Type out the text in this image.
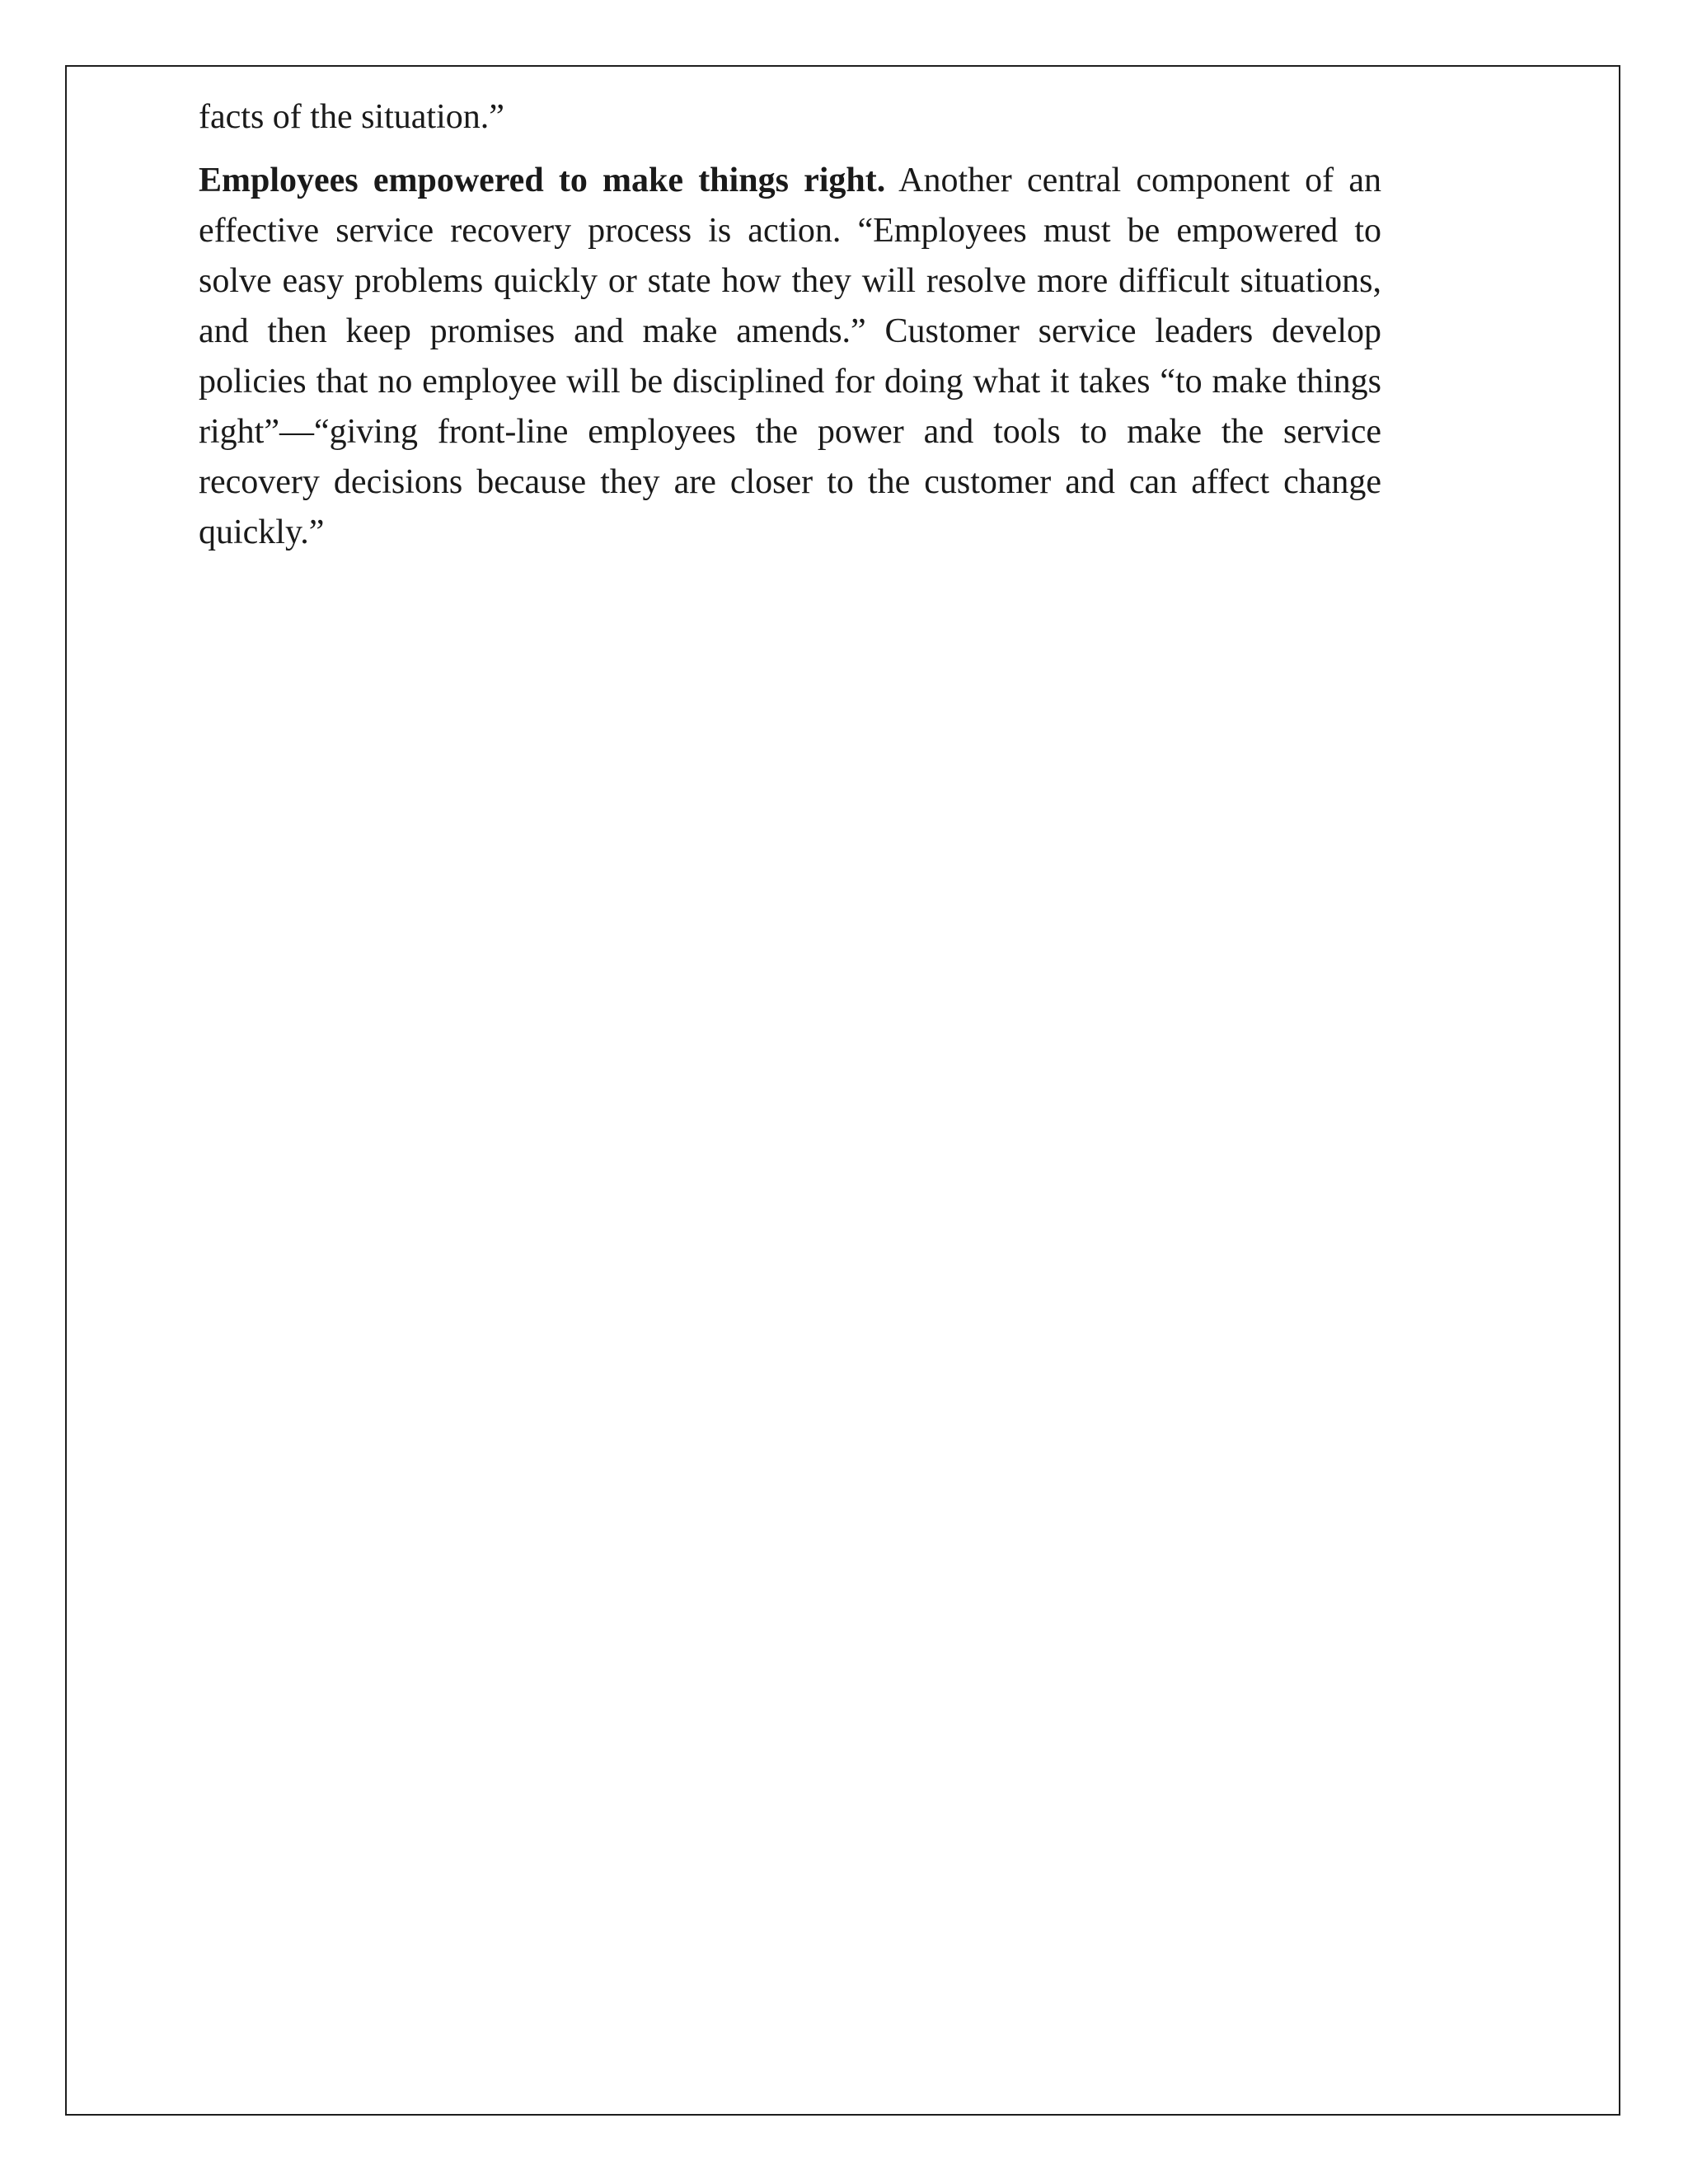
facts of the situation.”

Employees empowered to make things right. Another central component of an effective service recovery process is action. “Employees must be empowered to solve easy problems quickly or state how they will resolve more difficult situations, and then keep promises and make amends.” Customer service leaders develop policies that no employee will be disciplined for doing what it takes “to make things right”—“giving front-line employees the power and tools to make the service recovery decisions because they are closer to the customer and can affect change quickly.”
